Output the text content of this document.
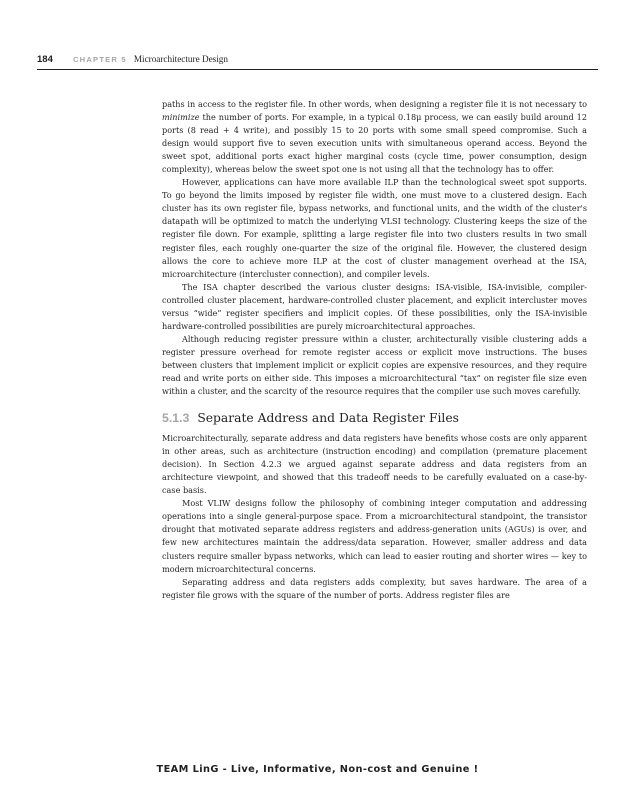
184	CHAPTER 5 Microarchitecture Design

paths in access to the register file. In other words, when designing a register file it is not necessary to minimize the number of ports. For example, in a typical 0.18μ process, we can easily build around 12 ports (8 read + 4 write), and possibly 15 to 20 ports with some small speed compromise. Such a design would support five to seven execution units with simultaneous operand access. Beyond the sweet spot, additional ports exact higher marginal costs (cycle time, power consumption, design complexity), whereas below the sweet spot one is not using all that the technology has to offer.

However, applications can have more available ILP than the technological sweet spot supports. To go beyond the limits imposed by register file width, one must move to a clustered design. Each cluster has its own register file, bypass networks, and functional units, and the width of the cluster's datapath will be optimized to match the underlying VLSI technology. Clustering keeps the size of the register file down. For example, splitting a large register file into two clusters results in two small register files, each roughly one-quarter the size of the original file. However, the clustered design allows the core to achieve more ILP at the cost of cluster management overhead at the ISA, microarchitecture (intercluster connection), and compiler levels.

The ISA chapter described the various cluster designs: ISA-visible, ISA-invisible, compiler-controlled cluster placement, hardware-controlled cluster placement, and explicit intercluster moves versus “wide” register specifiers and implicit copies. Of these possibilities, only the ISA-invisible hardware-controlled possibilities are purely microarchitectural approaches.

Although reducing register pressure within a cluster, architecturally visible clustering adds a register pressure overhead for remote register access or explicit move instructions. The buses between clusters that implement implicit or explicit copies are expensive resources, and they require read and write ports on either side. This imposes a microarchitectural “tax” on register file size even within a cluster, and the scarcity of the resource requires that the compiler use such moves carefully.

5.1.3 Separate Address and Data Register Files

Microarchitecturally, separate address and data registers have benefits whose costs are only apparent in other areas, such as architecture (instruction encoding) and compilation (premature placement decision). In Section 4.2.3 we argued against separate address and data registers from an architecture viewpoint, and showed that this tradeoff needs to be carefully evaluated on a case-by-case basis.

Most VLIW designs follow the philosophy of combining integer computation and addressing operations into a single general-purpose space. From a microarchitectural standpoint, the transistor drought that motivated separate address registers and address-generation units (AGUs) is over, and few new architectures maintain the address/data separation. However, smaller address and data clusters require smaller bypass networks, which can lead to easier routing and shorter wires — key to modern microarchitectural concerns.

Separating address and data registers adds complexity, but saves hardware. The area of a register file grows with the square of the number of ports. Address register files are

TEAM LinG - Live, Informative, Non-cost and Genuine !
